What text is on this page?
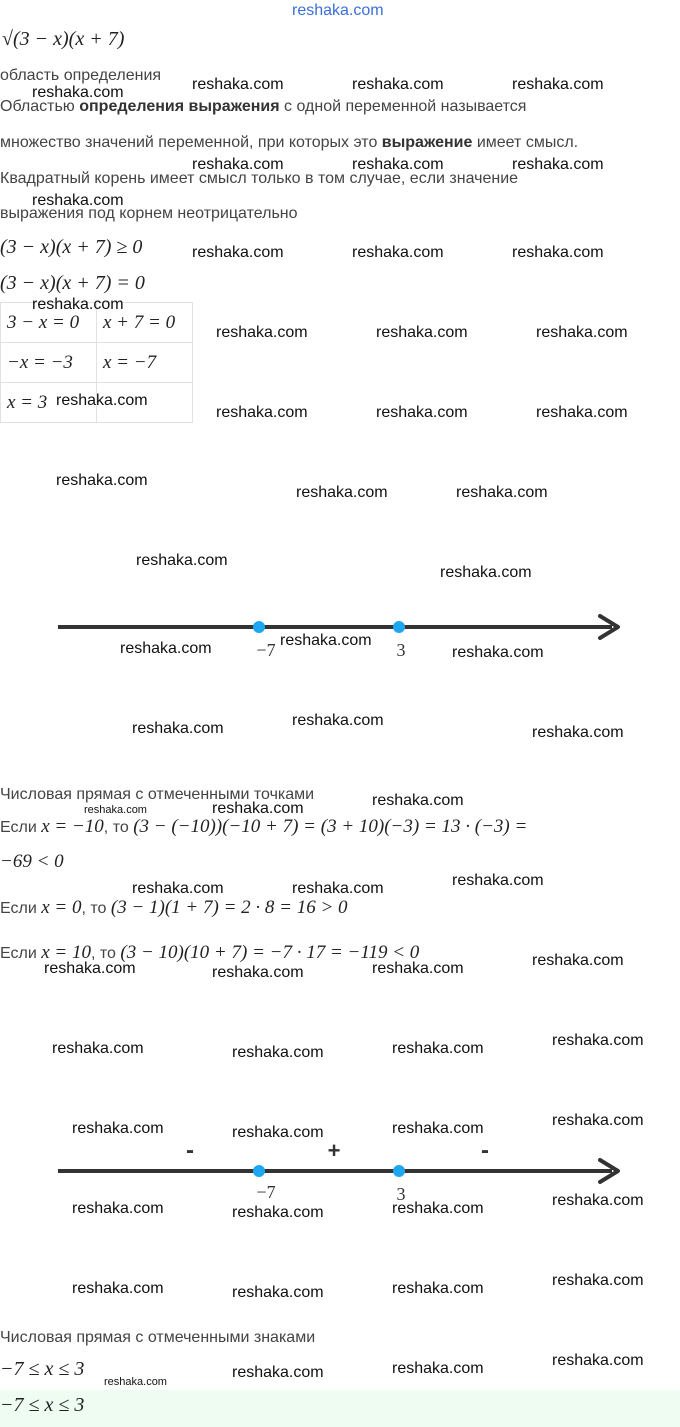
reshaka.com
√(3 − x)(x + 7)
область определения
Областью определения выражения с одной переменной называется
множество значений переменной, при которых это выражение имеет смысл.
Квадратный корень имеет смысл только в том случае, если значение
выражения под корнем неотрицательно
(3 − x)(x + 7) ≥ 0
(3 − x)(x + 7) = 0
3 − x = 0	x + 7 = 0
−x = −3	x = −7
x = 3	
−7	3
Числовая прямая с отмеченными точками
Если x = −10, то (3 − (−10))(−10 + 7) = (3 + 10)(−3) = 13 · (−3) =
−69 < 0
Если x = 0, то (3 − 1)(1 + 7) = 2 · 8 = 16 > 0
Если x = 10, то (3 − 10)(10 + 7) = −7 · 17 = −119 < 0
-	+	-
−7	3
Числовая прямая с отмеченными знаками
−7 ≤ x ≤ 3
−7 ≤ x ≤ 3
reshaka.com	reshaka.com	reshaka.com	reshaka.com
reshaka.com	reshaka.com	reshaka.com
reshaka.com
reshaka.com	reshaka.com	reshaka.com
reshaka.com
reshaka.com	reshaka.com	reshaka.com
reshaka.com
reshaka.com	reshaka.com	reshaka.com
reshaka.com
reshaka.com	reshaka.com
reshaka.com
reshaka.com
reshaka.com
reshaka.com	reshaka.com
reshaka.com
reshaka.com	reshaka.com
reshaka.com
reshaka.com	reshaka.com
reshaka.com
reshaka.com	reshaka.com
reshaka.com
reshaka.com
reshaka.com	reshaka.com
reshaka.com
reshaka.com	reshaka.com
reshaka.com
reshaka.com
reshaka.com	reshaka.com
reshaka.com
reshaka.com
reshaka.com	reshaka.com
reshaka.com
reshaka.com
reshaka.com	reshaka.com
reshaka.com
reshaka.com
reshaka.com
reshaka.com
reshaka.com
